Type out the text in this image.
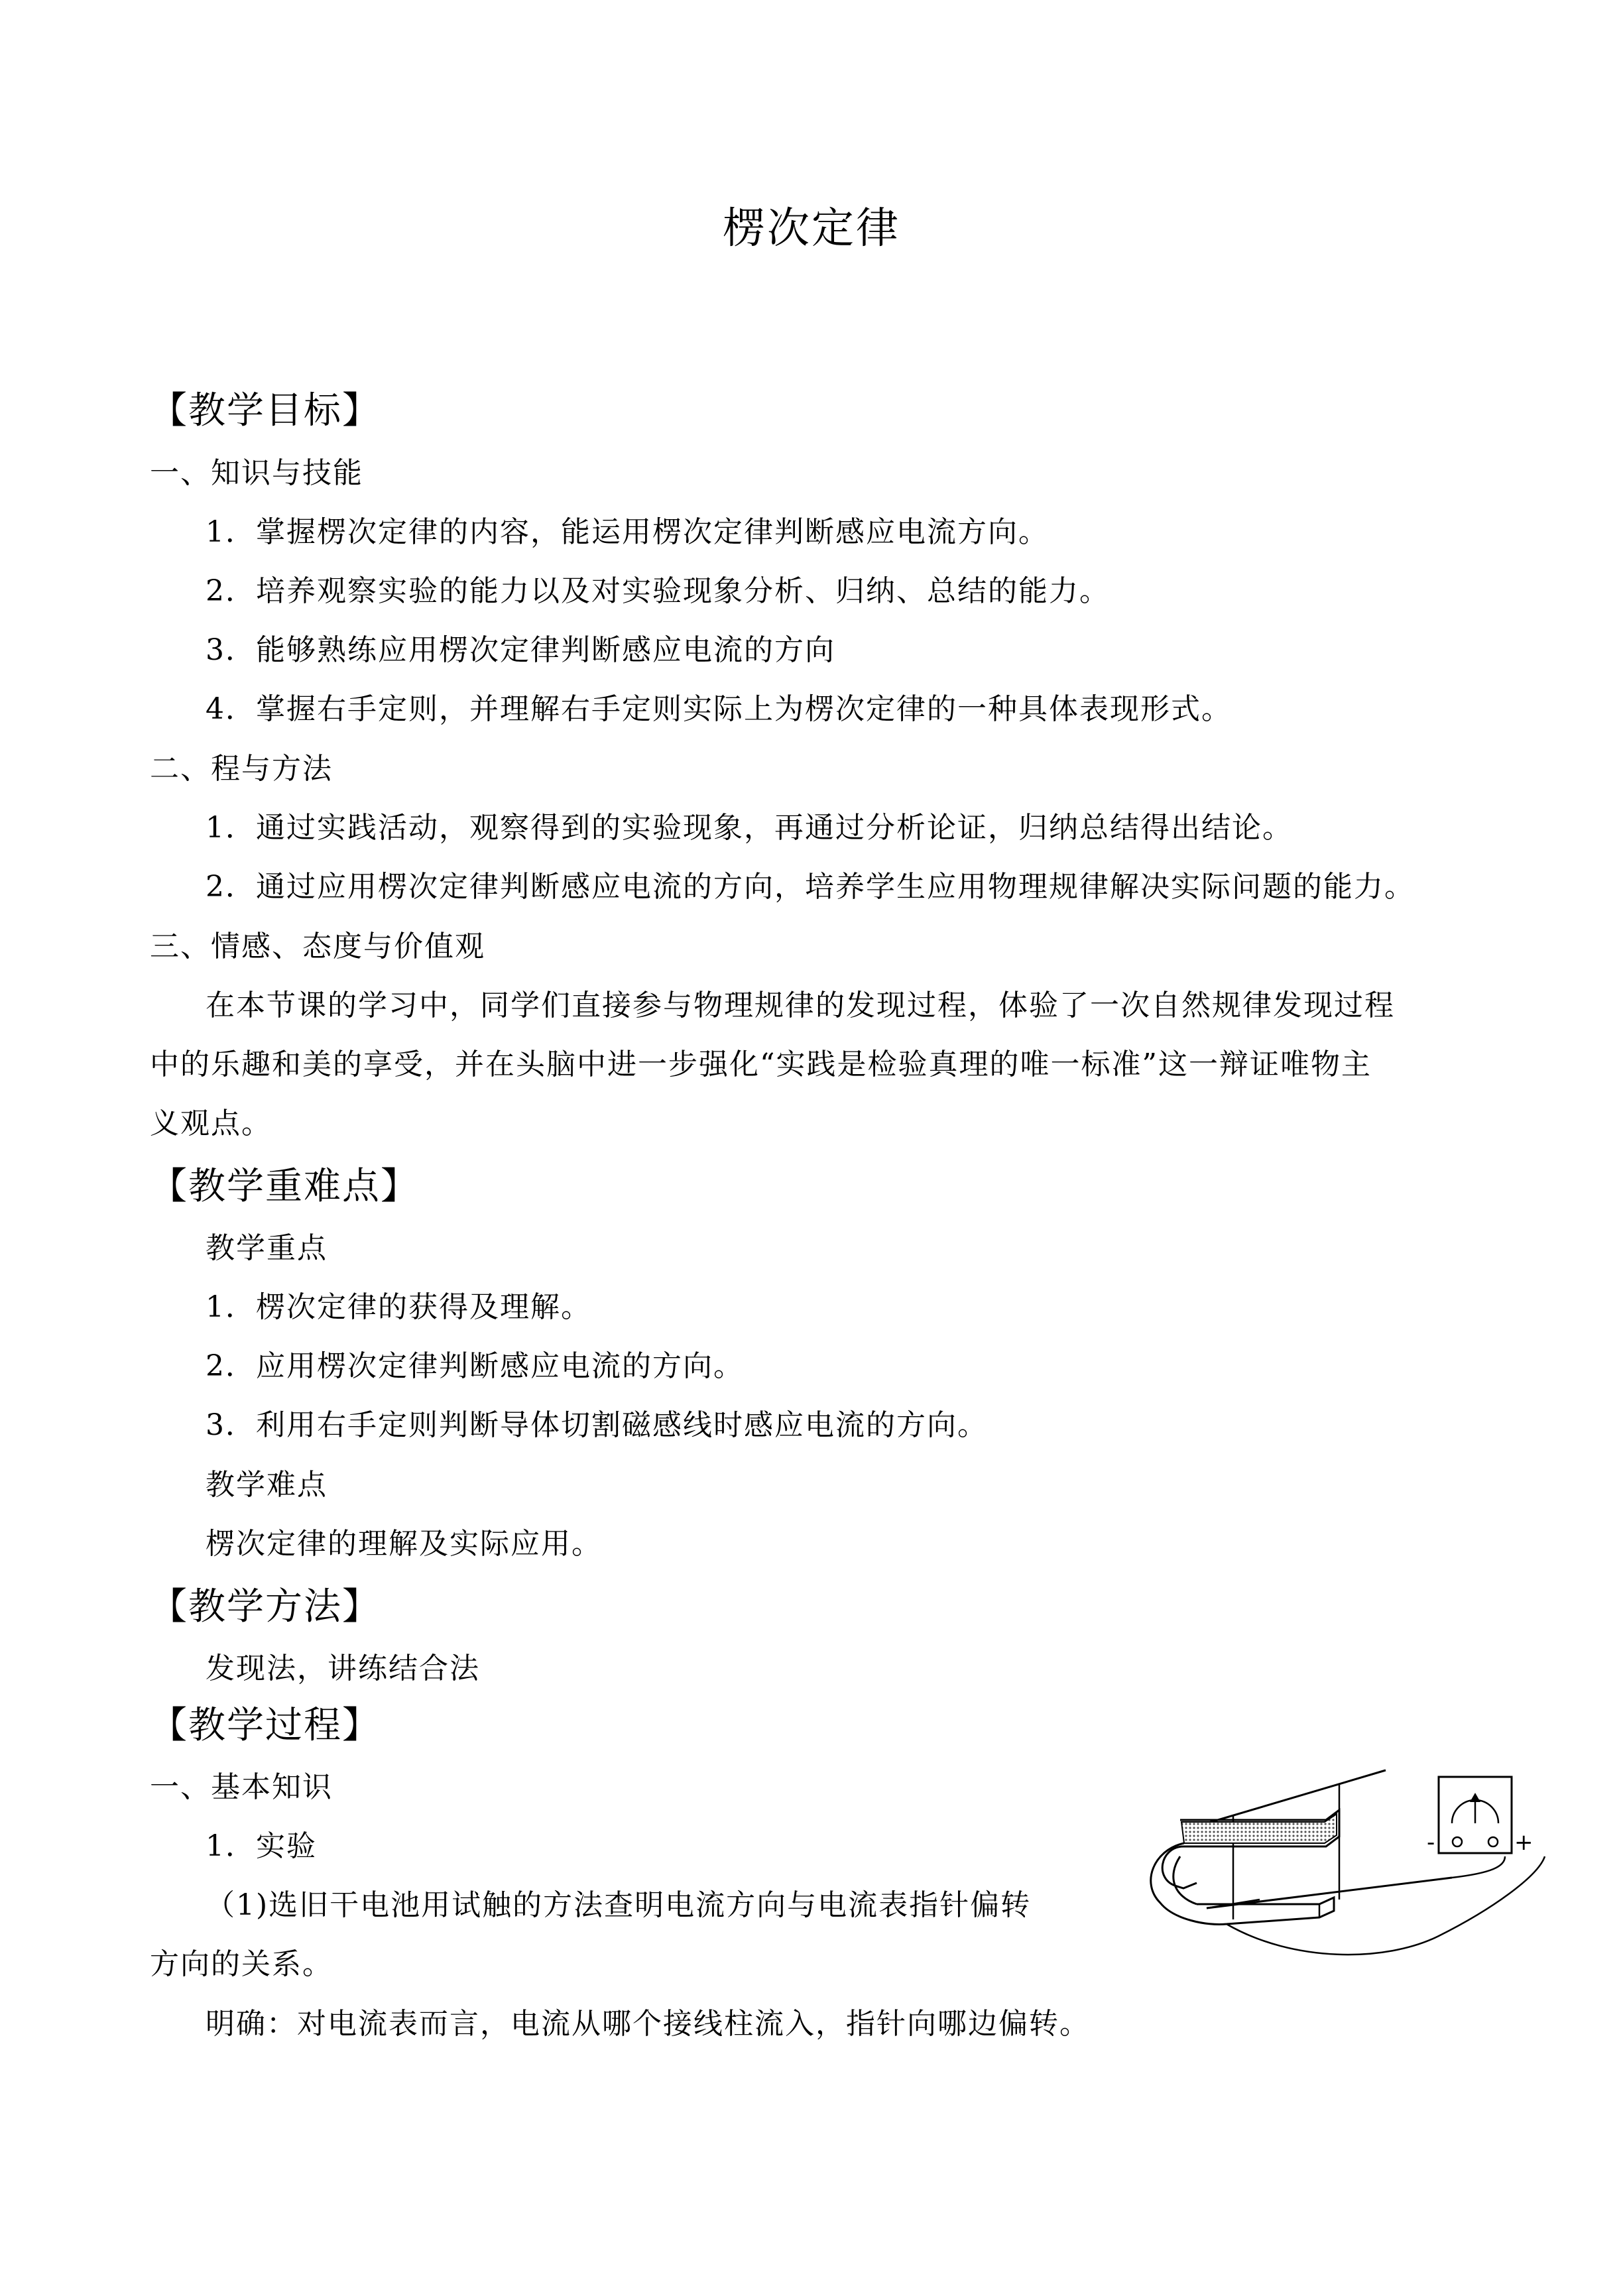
楞次定律
【教学目标】
一、知识与技能
1．掌握楞次定律的内容，能运用楞次定律判断感应电流方向。
2．培养观察实验的能力以及对实验现象分析、归纳、总结的能力。
3．能够熟练应用楞次定律判断感应电流的方向
4．掌握右手定则，并理解右手定则实际上为楞次定律的一种具体表现形式。
二、程与方法
1．通过实践活动，观察得到的实验现象，再通过分析论证，归纳总结得出结论。
2．通过应用楞次定律判断感应电流的方向，培养学生应用物理规律解决实际问题的能力。
三、情感、态度与价值观
在本节课的学习中，同学们直接参与物理规律的发现过程，体验了一次自然规律发现过程
中的乐趣和美的享受，并在头脑中进一步强化“实践是检验真理的唯一标准”这一辩证唯物主
义观点。
【教学重难点】
教学重点
1．楞次定律的获得及理解。
2．应用楞次定律判断感应电流的方向。
3．利用右手定则判断导体切割磁感线时感应电流的方向。
教学难点
楞次定律的理解及实际应用。
【教学方法】
发现法，讲练结合法
【教学过程】
一、基本知识
1．实验
（1)选旧干电池用试触的方法查明电流方向与电流表指针偏转
方向的关系。
明确：对电流表而言，电流从哪个接线柱流入，指针向哪边偏转。
-	+
